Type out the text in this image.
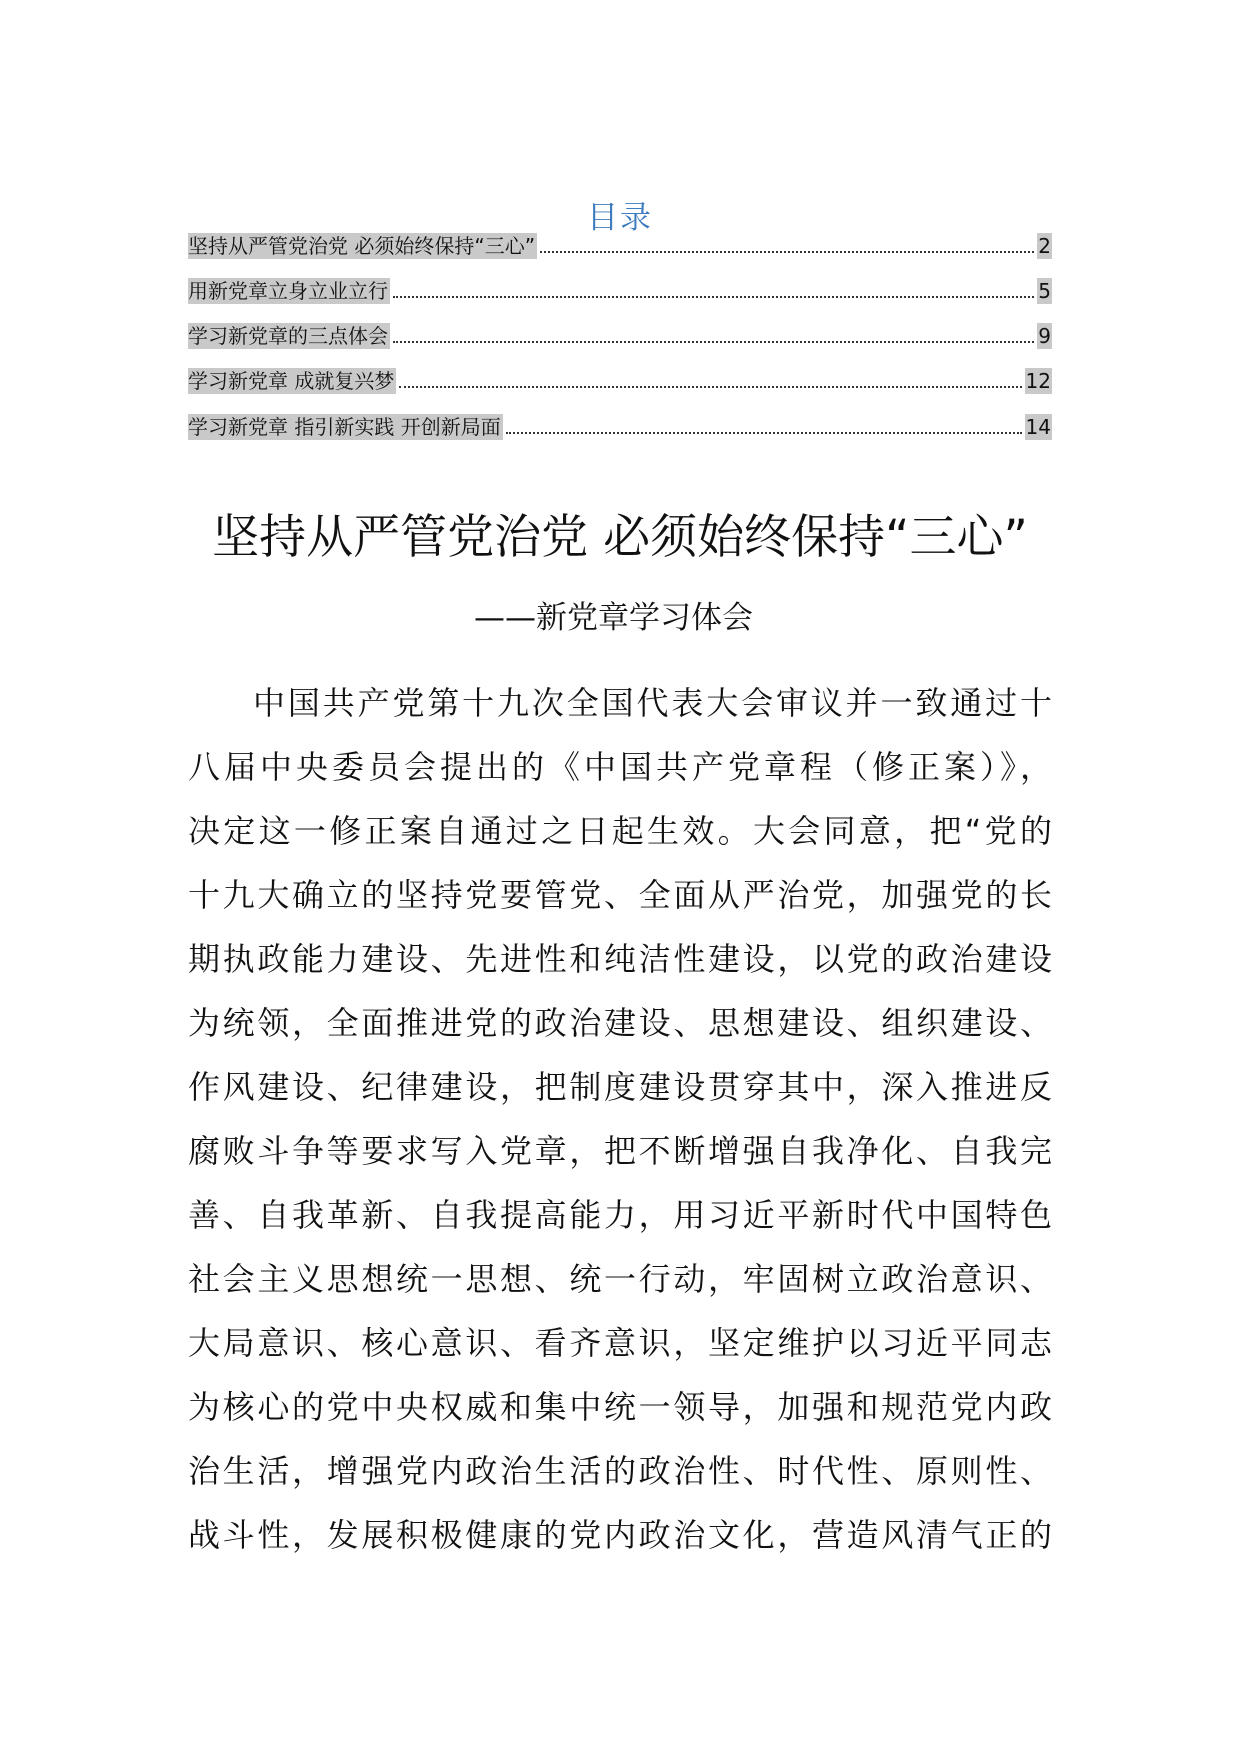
目录
坚持从严管党治党 必须始终保持“三心”	2
用新党章立身立业立行	5
学习新党章的三点体会	9
学习新党章 成就复兴梦	12
学习新党章 指引新实践 开创新局面	14
坚持从严管党治党 必须始终保持“三心”
——新党章学习体会
中国共产党第十九次全国代表大会审议并一致通过十
八届中央委员会提出的《中国共产党章程（修正案）》，
决定这一修正案自通过之日起生效。大会同意，把“党的
十九大确立的坚持党要管党、全面从严治党，加强党的长
期执政能力建设、先进性和纯洁性建设，以党的政治建设
为统领，全面推进党的政治建设、思想建设、组织建设、
作风建设、纪律建设，把制度建设贯穿其中，深入推进反
腐败斗争等要求写入党章，把不断增强自我净化、自我完
善、自我革新、自我提高能力，用习近平新时代中国特色
社会主义思想统一思想、统一行动，牢固树立政治意识、
大局意识、核心意识、看齐意识，坚定维护以习近平同志
为核心的党中央权威和集中统一领导，加强和规范党内政
治生活，增强党内政治生活的政治性、时代性、原则性、
战斗性，发展积极健康的党内政治文化，营造风清气正的
